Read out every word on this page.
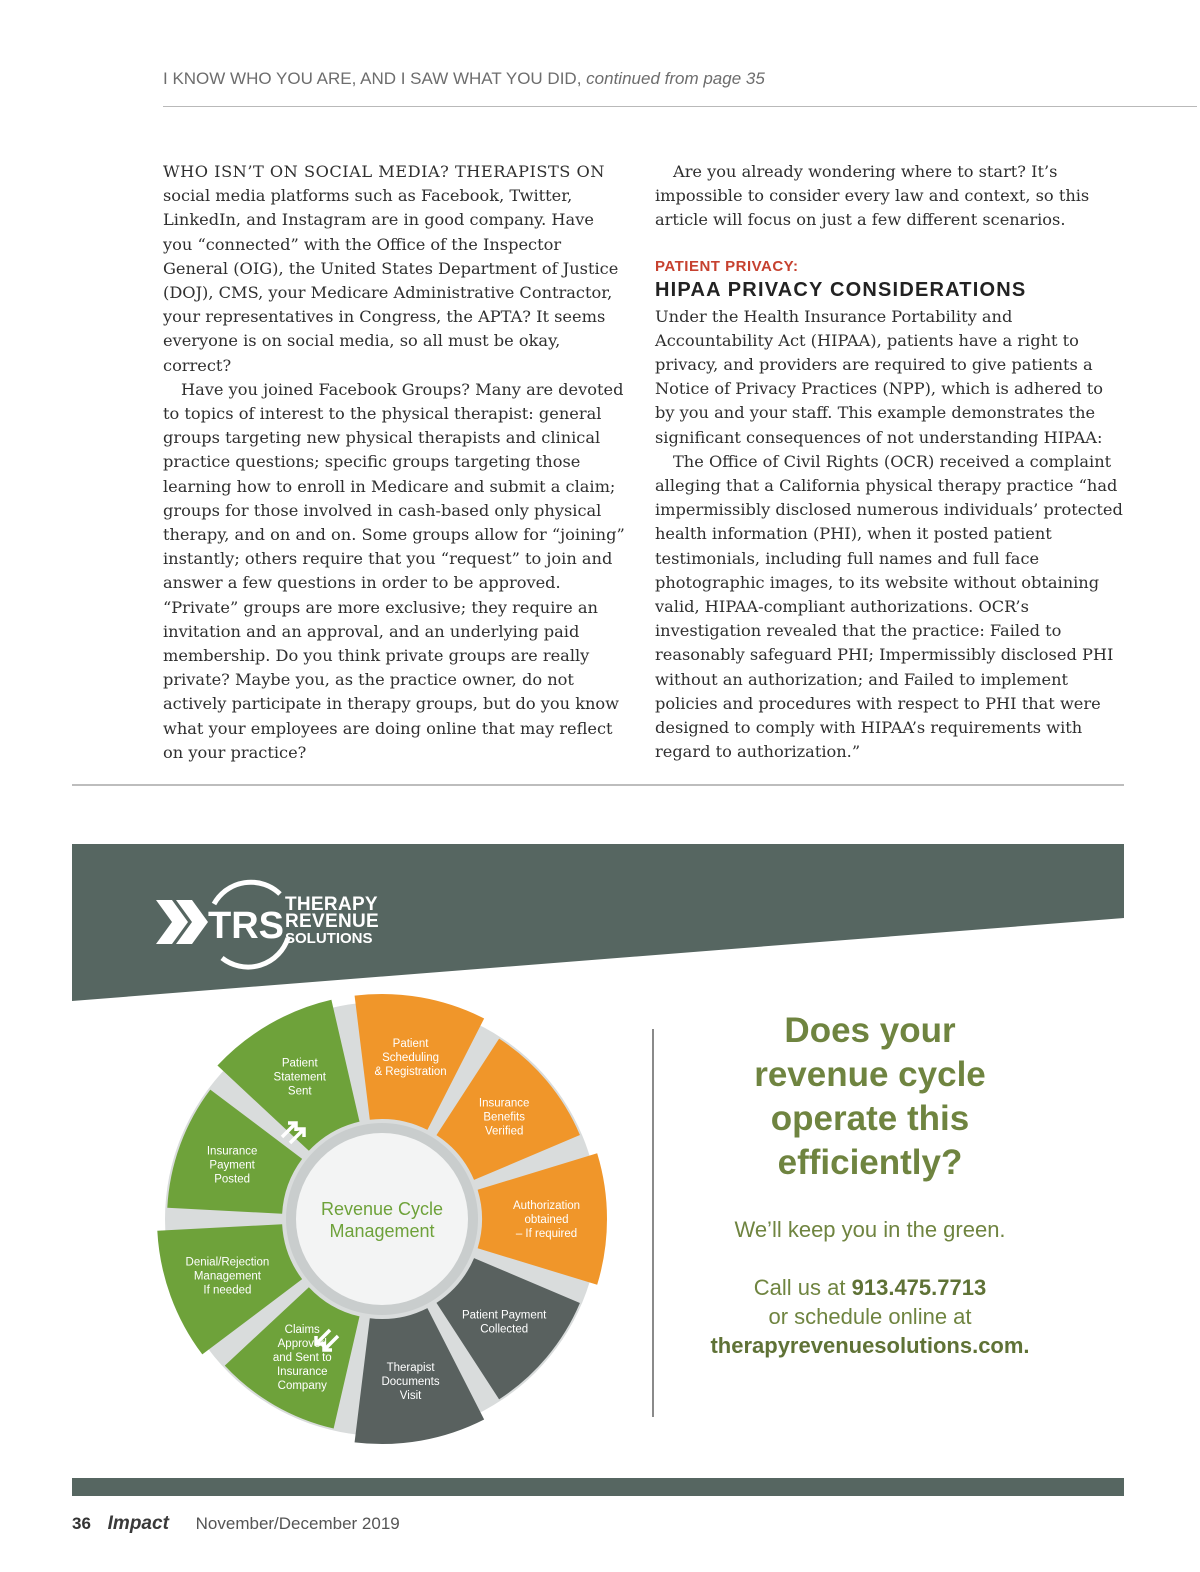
I KNOW WHO YOU ARE, AND I SAW WHAT YOU DID, continued from page 35

WHO ISN’T ON SOCIAL MEDIA? THERAPISTS ON social media platforms such as Facebook, Twitter, LinkedIn, and Instagram are in good company. Have you “connected” with the Office of the Inspector General (OIG), the United States Department of Justice (DOJ), CMS, your Medicare Administrative Contractor, your representatives in Congress, the APTA? It seems everyone is on social media, so all must be okay, correct?

Have you joined Facebook Groups? Many are devoted to topics of interest to the physical therapist: general groups targeting new physical therapists and clinical practice questions; specific groups targeting those learning how to enroll in Medicare and submit a claim; groups for those involved in cash-based only physical therapy, and on and on. Some groups allow for “joining” instantly; others require that you “request” to join and answer a few questions in order to be approved. “Private” groups are more exclusive; they require an invitation and an approval, and an underlying paid membership. Do you think private groups are really private? Maybe you, as the practice owner, do not actively participate in therapy groups, but do you know what your employees are doing online that may reflect on your practice?

Are you already wondering where to start? It’s impossible to consider every law and context, so this article will focus on just a few different scenarios.

PATIENT PRIVACY:
HIPAA PRIVACY CONSIDERATIONS

Under the Health Insurance Portability and Accountability Act (HIPAA), patients have a right to privacy, and providers are required to give patients a Notice of Privacy Practices (NPP), which is adhered to by you and your staff. This example demonstrates the significant consequences of not understanding HIPAA:

The Office of Civil Rights (OCR) received a complaint alleging that a California physical therapy practice “had impermissibly disclosed numerous individuals’ protected health information (PHI), when it posted patient testimonials, including full names and full face photographic images, to its website without obtaining valid, HIPAA-compliant authorizations. OCR’s investigation revealed that the practice: Failed to reasonably safeguard PHI; Impermissibly disclosed PHI without an authorization; and Failed to implement policies and procedures with respect to PHI that were designed to comply with HIPAA’s requirements with regard to authorization.”

TRS
THERAPY
REVENUE
SOLUTIONS
Patient Scheduling & Registration
Insurance Benefits Verified
Authorization obtained – If required
Patient Payment Collected
Therapist Documents Visit
Claims Approved and Sent to Insurance Company
Denial/Rejection Management If needed
Insurance Payment Posted
Patient Statement Sent
Revenue Cycle Management
Does your
revenue cycle
operate this
efficiently?
We’ll keep you in the green.
Call us at 913.475.7713
or schedule online at
therapyrevenuesolutions.com.
36 Impact November/December 2019
